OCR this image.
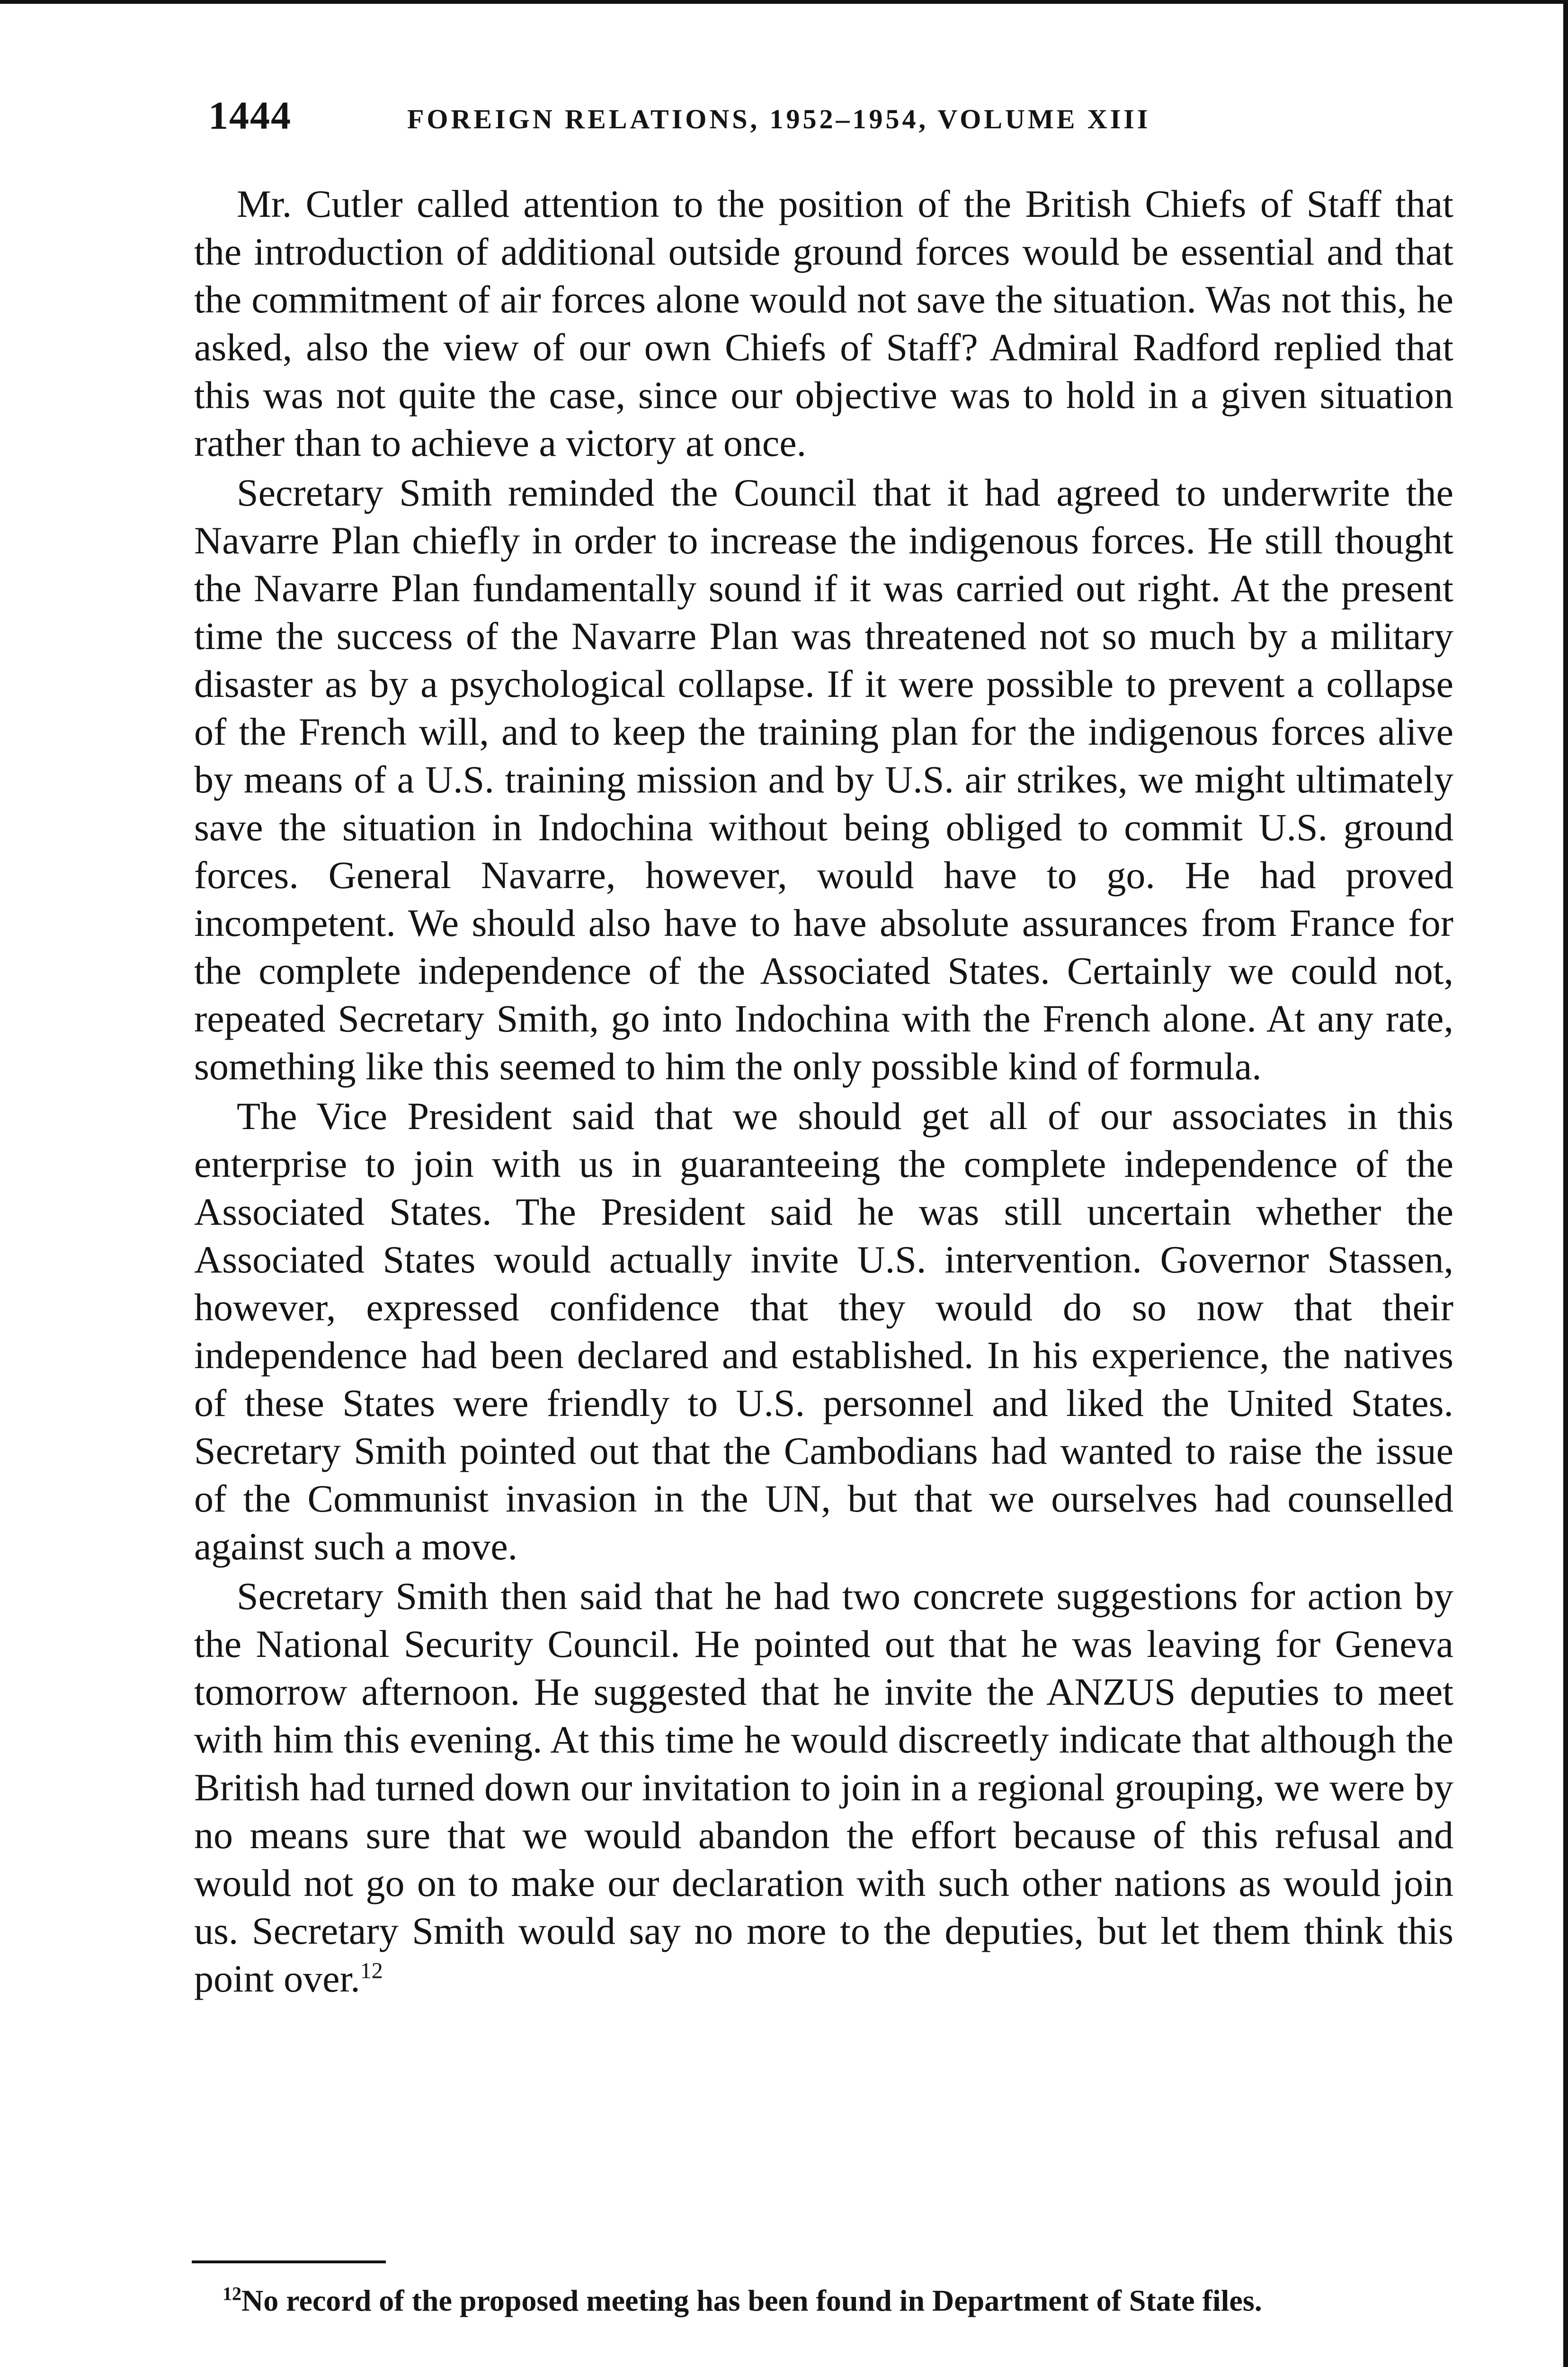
1444	FOREIGN RELATIONS, 1952–1954, VOLUME XIII

Mr. Cutler called attention to the position of the British Chiefs of Staff that the introduction of additional outside ground forces would be essential and that the commitment of air forces alone would not save the situation. Was not this, he asked, also the view of our own Chiefs of Staff? Admiral Radford replied that this was not quite the case, since our objective was to hold in a given situation rather than to achieve a victory at once.

Secretary Smith reminded the Council that it had agreed to underwrite the Navarre Plan chiefly in order to increase the indigenous forces. He still thought the Navarre Plan fundamentally sound if it was carried out right. At the present time the success of the Navarre Plan was threatened not so much by a military disaster as by a psychological collapse. If it were possible to prevent a collapse of the French will, and to keep the training plan for the indigenous forces alive by means of a U.S. training mission and by U.S. air strikes, we might ultimately save the situation in Indochina without being obliged to commit U.S. ground forces. General Navarre, however, would have to go. He had proved incompetent. We should also have to have absolute assurances from France for the complete independence of the Associated States. Certainly we could not, repeated Secretary Smith, go into Indochina with the French alone. At any rate, something like this seemed to him the only possible kind of formula.

The Vice President said that we should get all of our associates in this enterprise to join with us in guaranteeing the complete independence of the Associated States. The President said he was still uncertain whether the Associated States would actually invite U.S. intervention. Governor Stassen, however, expressed confidence that they would do so now that their independence had been declared and established. In his experience, the natives of these States were friendly to U.S. personnel and liked the United States. Secretary Smith pointed out that the Cambodians had wanted to raise the issue of the Communist invasion in the UN, but that we ourselves had counselled against such a move.

Secretary Smith then said that he had two concrete suggestions for action by the National Security Council. He pointed out that he was leaving for Geneva tomorrow afternoon. He suggested that he invite the ANZUS deputies to meet with him this evening. At this time he would discreetly indicate that although the British had turned down our invitation to join in a regional grouping, we were by no means sure that we would abandon the effort because of this refusal and would not go on to make our declaration with such other nations as would join us. Secretary Smith would say no more to the deputies, but let them think this point over.$^{12}$

$^{12}$No record of the proposed meeting has been found in Department of State files.
